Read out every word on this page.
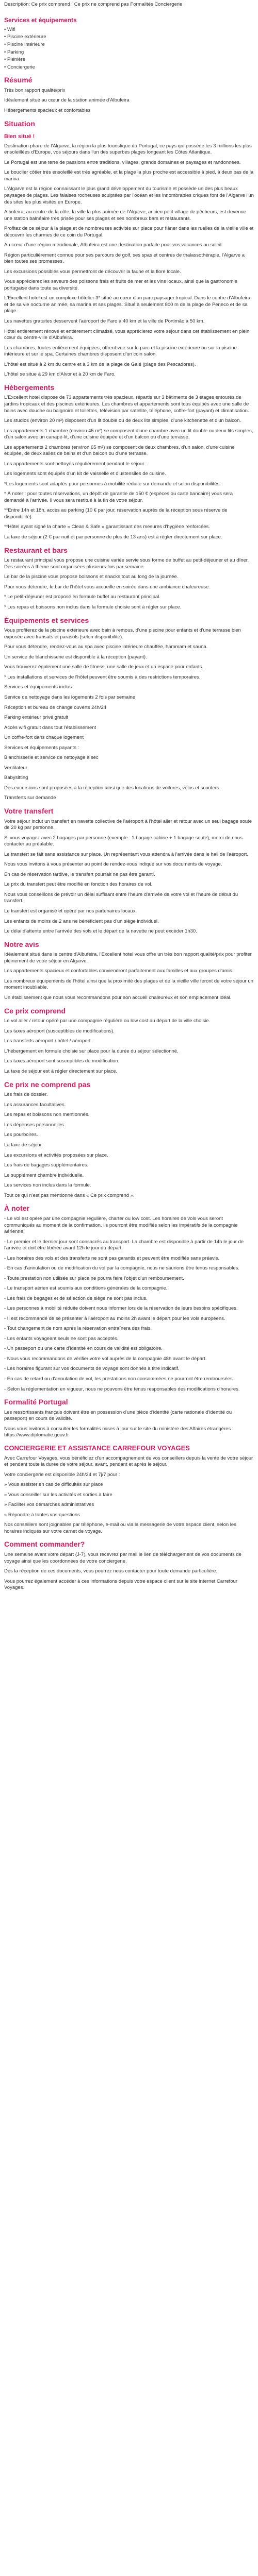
Description: Ce prix comprend : Ce prix ne comprend pas Formalités Conciergerie

Services et équipements
• Wifi
• Piscine extérieure
• Piscine intérieure
• Parking
• Plénière
• Conciergerie
Résumé

Très bon rapport qualité/prix

Idéalement situé au cœur de la station animée d'Albufeira

Hébergements spacieux et confortables

Situation
Bien situé !

Destination phare de l'Algarve, la région la plus touristique du Portugal, ce pays qui possède les 3 millions les plus ensoleillées d'Europe, vos séjours dans l'un des superbes plages longeant les Côtes Atlantique.

Le Portugal est une terre de passions entre traditions, villages, grands domaines et paysages et randonnées.

Le bouclier côtier très ensoleillé est très agréable, et la plage la plus proche est accessible à pied, à deux pas de la marina.

L'Algarve est la région connaissant le plus grand développement du tourisme et possède un des plus beaux paysages de plages. Les falaises rocheuses sculptées par l'océan et les innombrables criques font de l'Algarve l'un des sites les plus visités en Europe.

Albufeira, au centre de la côte, la ville la plus animée de l'Algarve, ancien petit village de pêcheurs, est devenue une station balnéaire très prisée pour ses plages et ses nombreux bars et restaurants.

Profitez de ce séjour à la plage et de nombreuses activités sur place pour flâner dans les ruelles de la vieille ville et découvrir les charmes de ce coin du Portugal.

Au cœur d'une région méridionale, Albufeira est une destination parfaite pour vos vacances au soleil.

Région particulièrement connue pour ses parcours de golf, ses spas et centres de thalassothérapie, l'Algarve a bien toutes ses promesses.

Les excursions possibles vous permettront de découvrir la faune et la flore locale.

Vous apprécierez les saveurs des poissons frais et fruits de mer et les vins locaux, ainsi que la gastronomie portugaise dans toute sa diversité.

L'Excellent hotel est un complexe hôtelier 3* situé au cœur d'un parc paysager tropical. Dans le centre d'Albufeira et de sa vie nocturne animée, sa marina et ses plages. Situé à seulement 800 m de la plage de Peneco et de sa plage.

Les navettes gratuites desservent l'aéroport de Faro à 40 km et la ville de Portimão à 50 km.

Hôtel entièrement rénové et entièrement climatisé, vous apprécierez votre séjour dans cet établissement en plein cœur du centre-ville d'Albufeira.

Les chambres, toutes entièrement équipées, offrent vue sur le parc et la piscine extérieure ou sur la piscine intérieure et sur le spa. Certaines chambres disposent d'un coin salon.

L'hôtel est situé à 2 km du centre et à 3 km de la plage de Galé (plage des Pescadores).

L'hôtel se situe à 29 km d'Alvor et à 20 km de Faro.

Hébergements

L'Excellent hotel dispose de 73 appartements très spacieux, répartis sur 3 bâtiments de 3 étages entourés de jardins tropicaux et des piscines extérieures. Les chambres et appartements sont tous équipés avec une salle de bains avec douche ou baignoire et toilettes, télévision par satellite, téléphone, coffre-fort (payant) et climatisation.

Les studios (environ 20 m²) disposent d'un lit double ou de deux lits simples, d'une kitchenette et d'un balcon.

Les appartements 1 chambre (environ 45 m²) se composent d'une chambre avec un lit double ou deux lits simples, d'un salon avec un canapé-lit, d'une cuisine équipée et d'un balcon ou d'une terrasse.

Les appartements 2 chambres (environ 65 m²) se composent de deux chambres, d'un salon, d'une cuisine équipée, de deux salles de bains et d'un balcon ou d'une terrasse.

Les appartements sont nettoyés régulièrement pendant le séjour.

Les logements sont équipés d'un kit de vaisselle et d'ustensiles de cuisine.

*Les logements sont adaptés pour personnes à mobilité réduite sur demande et selon disponibilités.

* À noter : pour toutes réservations, un dépôt de garantie de 150 € (espèces ou carte bancaire) vous sera demandé à l'arrivée. Il vous sera restitué à la fin de votre séjour.

**Entre 14h et 18h, accès au parking (10 € par jour, réservation auprès de la réception sous réserve de disponibilité).

**Hôtel ayant signé la charte « Clean & Safe » garantissant des mesures d'hygiène renforcées.

La taxe de séjour (2 € par nuit et par personne de plus de 13 ans) est à régler directement sur place.

Restaurant et bars

Le restaurant principal vous propose une cuisine variée servie sous forme de buffet au petit-déjeuner et au dîner. Des soirées à thème sont organisées plusieurs fois par semaine.

Le bar de la piscine vous propose boissons et snacks tout au long de la journée.

Pour vous détendre, le bar de l'hôtel vous accueille en soirée dans une ambiance chaleureuse.

* Le petit-déjeuner est proposé en formule buffet au restaurant principal.

* Les repas et boissons non inclus dans la formule choisie sont à régler sur place.

Équipements et services

Vous profiterez de la piscine extérieure avec bain à remous, d'une piscine pour enfants et d'une terrasse bien exposée avec transats et parasols (selon disponibilité).

Pour vous détendre, rendez-vous au spa avec piscine intérieure chauffée, hammam et sauna.

Un service de blanchisserie est disponible à la réception (payant).

Vous trouverez également une salle de fitness, une salle de jeux et un espace pour enfants.

* Les installations et services de l'hôtel peuvent être soumis à des restrictions temporaires.

Services et équipements inclus :

Service de nettoyage dans les logements 2 fois par semaine

Réception et bureau de change ouverts 24h/24

Parking extérieur privé gratuit

Accès wifi gratuit dans tout l'établissement

Un coffre-fort dans chaque logement

Services et équipements payants :

Blanchisserie et service de nettoyage à sec

Ventilateur

Babysitting

Des excursions sont proposées à la réception ainsi que des locations de voitures, vélos et scooters.

Transferts sur demande

Votre transfert

Votre séjour inclut un transfert en navette collective de l'aéroport à l'hôtel aller et retour avec un seul bagage soute de 20 kg par personne.

Si vous voyagez avec 2 bagages par personne (exemple : 1 bagage cabine + 1 bagage soute), merci de nous contacter au préalable.

Le transfert se fait sans assistance sur place. Un représentant vous attendra à l'arrivée dans le hall de l'aéroport.

Nous vous invitons à vous présenter au point de rendez-vous indiqué sur vos documents de voyage.

En cas de réservation tardive, le transfert pourrait ne pas être garanti.

Le prix du transfert peut être modifié en fonction des horaires de vol.

Nous vous conseillons de prévoir un délai suffisant entre l'heure d'arrivée de votre vol et l'heure de début du transfert.

Le transfert est organisé et opéré par nos partenaires locaux.

Les enfants de moins de 2 ans ne bénéficient pas d'un siège individuel.

Le délai d'attente entre l'arrivée des vols et le départ de la navette ne peut excéder 1h30.

Notre avis

Idéalement situé dans le centre d'Albufeira, l'Excellent hotel vous offre un très bon rapport qualité/prix pour profiter pleinement de votre séjour en Algarve.

Les appartements spacieux et confortables conviendront parfaitement aux familles et aux groupes d'amis.

Les nombreux équipements de l'hôtel ainsi que la proximité des plages et de la vieille ville feront de votre séjour un moment inoubliable.

Un établissement que nous vous recommandons pour son accueil chaleureux et son emplacement idéal.

Ce prix comprend

Le vol aller / retour opéré par une compagnie régulière ou low cost au départ de la ville choisie.

Les taxes aéroport (susceptibles de modifications).

Les transferts aéroport / hôtel / aéroport.

L'hébergement en formule choisie sur place pour la durée du séjour sélectionné.

Les taxes aéroport sont susceptibles de modification.

La taxe de séjour est à régler directement sur place.

Ce prix ne comprend pas

Les frais de dossier.

Les assurances facultatives.

Les repas et boissons non mentionnés.

Les dépenses personnelles.

Les pourboires.

La taxe de séjour.

Les excursions et activités proposées sur place.

Les frais de bagages supplémentaires.

Le supplément chambre individuelle.

Les services non inclus dans la formule.

Tout ce qui n'est pas mentionné dans « Ce prix comprend ».

À noter

- Le vol est opéré par une compagnie régulière, charter ou low cost. Les horaires de vols vous seront communiqués au moment de la confirmation, ils pourront être modifiés selon les impératifs de la compagnie aérienne.

- Le premier et le dernier jour sont consacrés au transport. La chambre est disponible à partir de 14h le jour de l'arrivée et doit être libérée avant 12h le jour du départ.

- Les horaires des vols et des transferts ne sont pas garantis et peuvent être modifiés sans préavis.

- En cas d'annulation ou de modification du vol par la compagnie, nous ne saurions être tenus responsables.

- Toute prestation non utilisée sur place ne pourra faire l'objet d'un remboursement.

- Le transport aérien est soumis aux conditions générales de la compagnie.

- Les frais de bagages et de sélection de siège ne sont pas inclus.

- Les personnes à mobilité réduite doivent nous informer lors de la réservation de leurs besoins spécifiques.

- Il est recommandé de se présenter à l'aéroport au moins 2h avant le départ pour les vols européens.

- Tout changement de nom après la réservation entraînera des frais.

- Les enfants voyageant seuls ne sont pas acceptés.

- Un passeport ou une carte d'identité en cours de validité est obligatoire.

- Nous vous recommandons de vérifier votre vol auprès de la compagnie 48h avant le départ.

- Les horaires figurant sur vos documents de voyage sont donnés à titre indicatif.

- En cas de retard ou d'annulation de vol, les prestations non consommées ne pourront être remboursées.

- Selon la réglementation en vigueur, nous ne pouvons être tenus responsables des modifications d'horaires.

Formalité Portugal

Les ressortissants français doivent être en possession d'une pièce d'identité (carte nationale d'identité ou passeport) en cours de validité.

Nous vous invitons à consulter les formalités mises à jour sur le site du ministère des Affaires étrangères : https://www.diplomatie.gouv.fr

CONCIERGERIE ET ASSISTANCE CARREFOUR VOYAGES

Avec Carrefour Voyages, vous bénéficiez d'un accompagnement de vos conseillers depuis la vente de votre séjour et pendant toute la durée de votre séjour, avant, pendant et après le séjour.

Votre conciergerie est disponible 24h/24 et 7j/7 pour :

» Vous assister en cas de difficultés sur place

» Vous conseiller sur les activités et sorties à faire

» Faciliter vos démarches administratives

» Répondre à toutes vos questions

Nos conseillers sont joignables par téléphone, e-mail ou via la messagerie de votre espace client, selon les horaires indiqués sur votre carnet de voyage.

Comment commander?

Une semaine avant votre départ (J-7), vous recevrez par mail le lien de téléchargement de vos documents de voyage ainsi que les coordonnées de votre conciergerie.

Dès la réception de ces documents, vous pourrez nous contacter pour toute demande particulière.

Vous pourrez également accéder à ces informations depuis votre espace client sur le site internet Carrefour Voyages.
